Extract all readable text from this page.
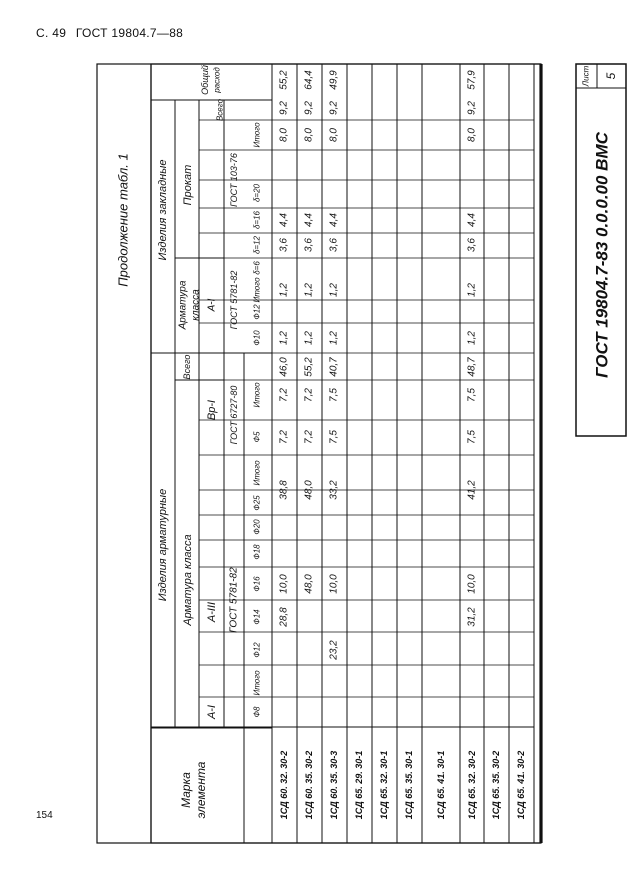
С. 49 ГОСТ 19804.7—88
154
Марка элемента
Изделия арматурные Арматура класса
А-I
А-III ГОСТ 5781-82
Вр-I ГОСТ 6727-80
Всего
Изделия закладные
Арматура класса А-I ГОСТ 5781-82
Прокат	ГОСТ 103-76
Всего
Общий расход
Ф8
Итого
Ф12
Ф14
Ф16
Ф18
Ф20
Ф25
Итого
Ф5
Итого
Ф10
Ф12
Итого
δ=6
δ=12
δ=16
δ=20
Итого
1СД 60. 32. 30-2
28,8
10,0
38,8
7,2
7,2
46,0
1,2
1,2
3,6
4,4
8,0
9,2
55,2
1СД 60. 35. 30-2
48,0
48,0
7,2
7,2
55,2
1,2
1,2
3,6
4,4
8,0
9,2
64,4
1СД 60. 35. 30-3
23,2
10,0
33,2
7,5
7,5
40,7
1,2
1,2
3,6
4,4
8,0
9,2
49,9
1СД 65. 29. 30-1 1СД 65. 32. 30-1 1СД 65. 35. 30-1 1СД 65. 41. 30-1 1СД 65. 32. 30-2
31,2
10,0
41,2
7,5
7,5
48,7
1,2
1,2
3,6
4,4
8,0
9,2
57,9
1СД 65. 35. 30-2 1СД 65. 41. 30-2
Продолжение табл. 1	ГОСТ 19804.7-83 0.0.0.00 ВМС
Лист 5
